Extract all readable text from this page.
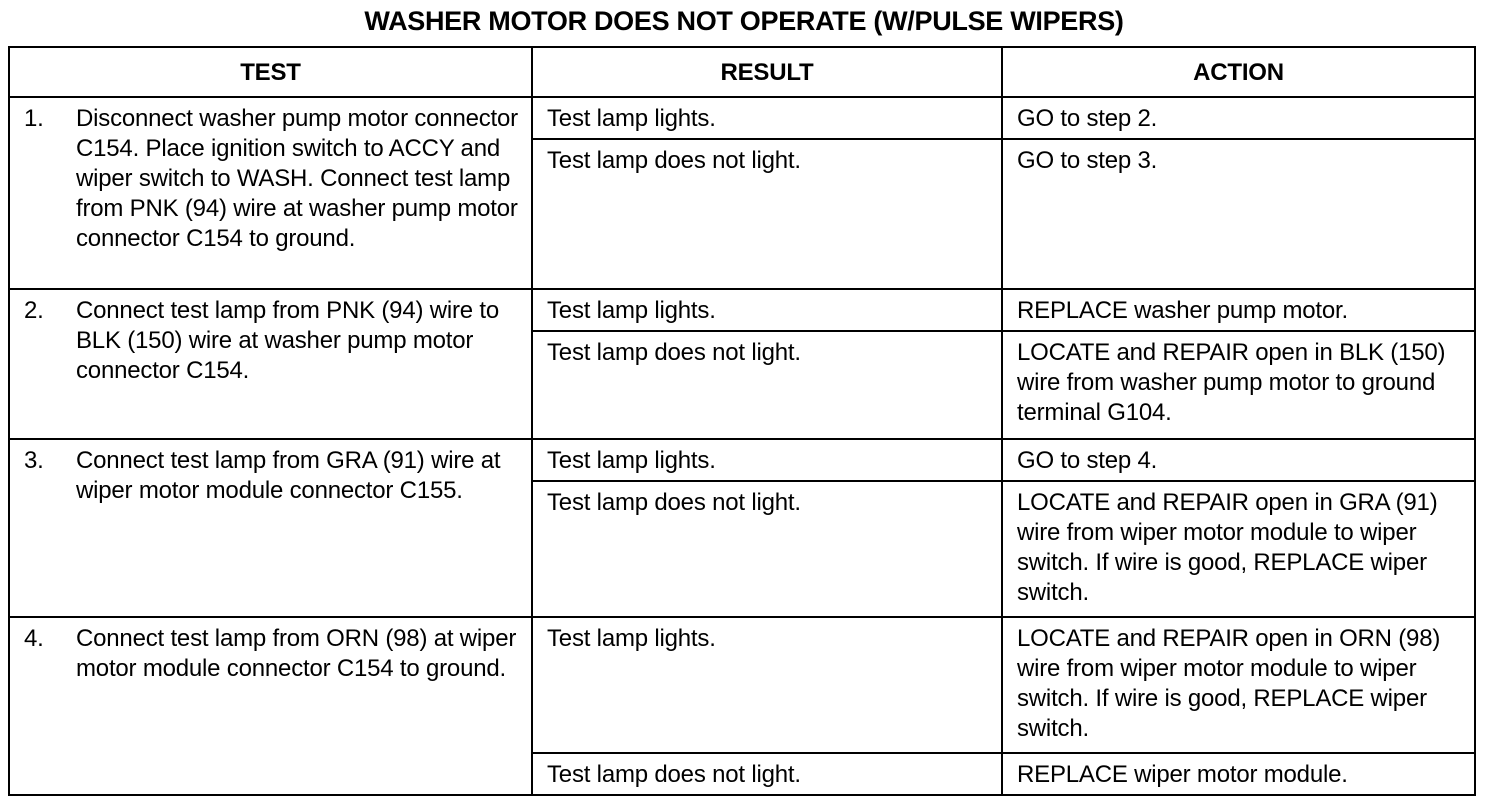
WASHER MOTOR DOES NOT OPERATE (W/PULSE WIPERS)
TEST	RESULT	ACTION

1. Disconnect washer pump motor connector C154. Place ignition switch to ACCY and wiper switch to WASH. Connect test lamp from PNK (94) wire at washer pump motor connector C154 to ground.	Test lamp lights.	GO to step 2.
	Test lamp does not light.	GO to step 3.

2. Connect test lamp from PNK (94) wire to BLK (150) wire at washer pump motor connector C154.	Test lamp lights.	REPLACE washer pump motor.
	Test lamp does not light.	LOCATE and REPAIR open in BLK (150) wire from washer pump motor to ground terminal G104.

3. Connect test lamp from GRA (91) wire at wiper motor module connector C155.	Test lamp lights.	GO to step 4.
	Test lamp does not light.	LOCATE and REPAIR open in GRA (91) wire from wiper motor module to wiper switch. If wire is good, REPLACE wiper switch.

4. Connect test lamp from ORN (98) at wiper motor module connector C154 to ground.	Test lamp lights.	LOCATE and REPAIR open in ORN (98) wire from wiper motor module to wiper switch. If wire is good, REPLACE wiper switch.
	Test lamp does not light.	REPLACE wiper motor module.
